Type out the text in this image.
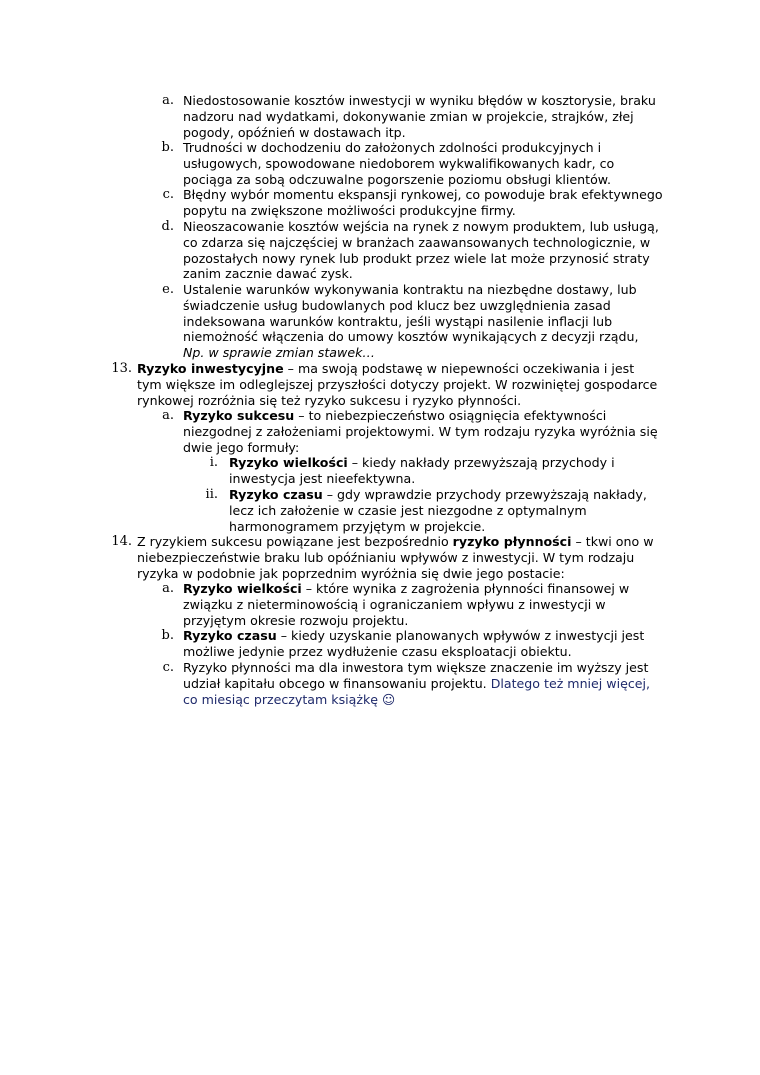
a. Niedostosowanie kosztów inwestycji w wyniku błędów w kosztorysie, braku
nadzoru nad wydatkami, dokonywanie zmian w projekcie, strajków, złej
pogody, opóźnień w dostawach itp.
b. Trudności w dochodzeniu do założonych zdolności produkcyjnych i
usługowych, spowodowane niedoborem wykwalifikowanych kadr, co
pociąga za sobą odczuwalne pogorszenie poziomu obsługi klientów.
c. Błędny wybór momentu ekspansji rynkowej, co powoduje brak efektywnego
popytu na zwiększone możliwości produkcyjne firmy.
d. Nieoszacowanie kosztów wejścia na rynek z nowym produktem, lub usługą,
co zdarza się najczęściej w branżach zaawansowanych technologicznie, w
pozostałych nowy rynek lub produkt przez wiele lat może przynosić straty
zanim zacznie dawać zysk.
e. Ustalenie warunków wykonywania kontraktu na niezbędne dostawy, lub
świadczenie usług budowlanych pod klucz bez uwzględnienia zasad
indeksowana warunków kontraktu, jeśli wystąpi nasilenie inflacji lub
niemożność włączenia do umowy kosztów wynikających z decyzji rządu,
Np. w sprawie zmian stawek…
13. Ryzyko inwestycyjne – ma swoją podstawę w niepewności oczekiwania i jest
tym większe im odleglejszej przyszłości dotyczy projekt. W rozwiniętej gospodarce
rynkowej rozróżnia się też ryzyko sukcesu i ryzyko płynności.
a. Ryzyko sukcesu – to niebezpieczeństwo osiągnięcia efektywności
niezgodnej z założeniami projektowymi. W tym rodzaju ryzyka wyróżnia się
dwie jego formuły:
i. Ryzyko wielkości – kiedy nakłady przewyższają przychody i
inwestycja jest nieefektywna.
ii. Ryzyko czasu – gdy wprawdzie przychody przewyższają nakłady,
lecz ich założenie w czasie jest niezgodne z optymalnym
harmonogramem przyjętym w projekcie.
14. Z ryzykiem sukcesu powiązane jest bezpośrednio ryzyko płynności – tkwi ono w
niebezpieczeństwie braku lub opóźnianiu wpływów z inwestycji. W tym rodzaju
ryzyka w podobnie jak poprzednim wyróżnia się dwie jego postacie:
a. Ryzyko wielkości – które wynika z zagrożenia płynności finansowej w
związku z nieterminowością i ograniczaniem wpływu z inwestycji w
przyjętym okresie rozwoju projektu.
b. Ryzyko czasu – kiedy uzyskanie planowanych wpływów z inwestycji jest
możliwe jedynie przez wydłużenie czasu eksploatacji obiektu.
c. Ryzyko płynności ma dla inwestora tym większe znaczenie im wyższy jest
udział kapitału obcego w finansowaniu projektu. Dlatego też mniej więcej,
co miesiąc przeczytam książkę ☺
